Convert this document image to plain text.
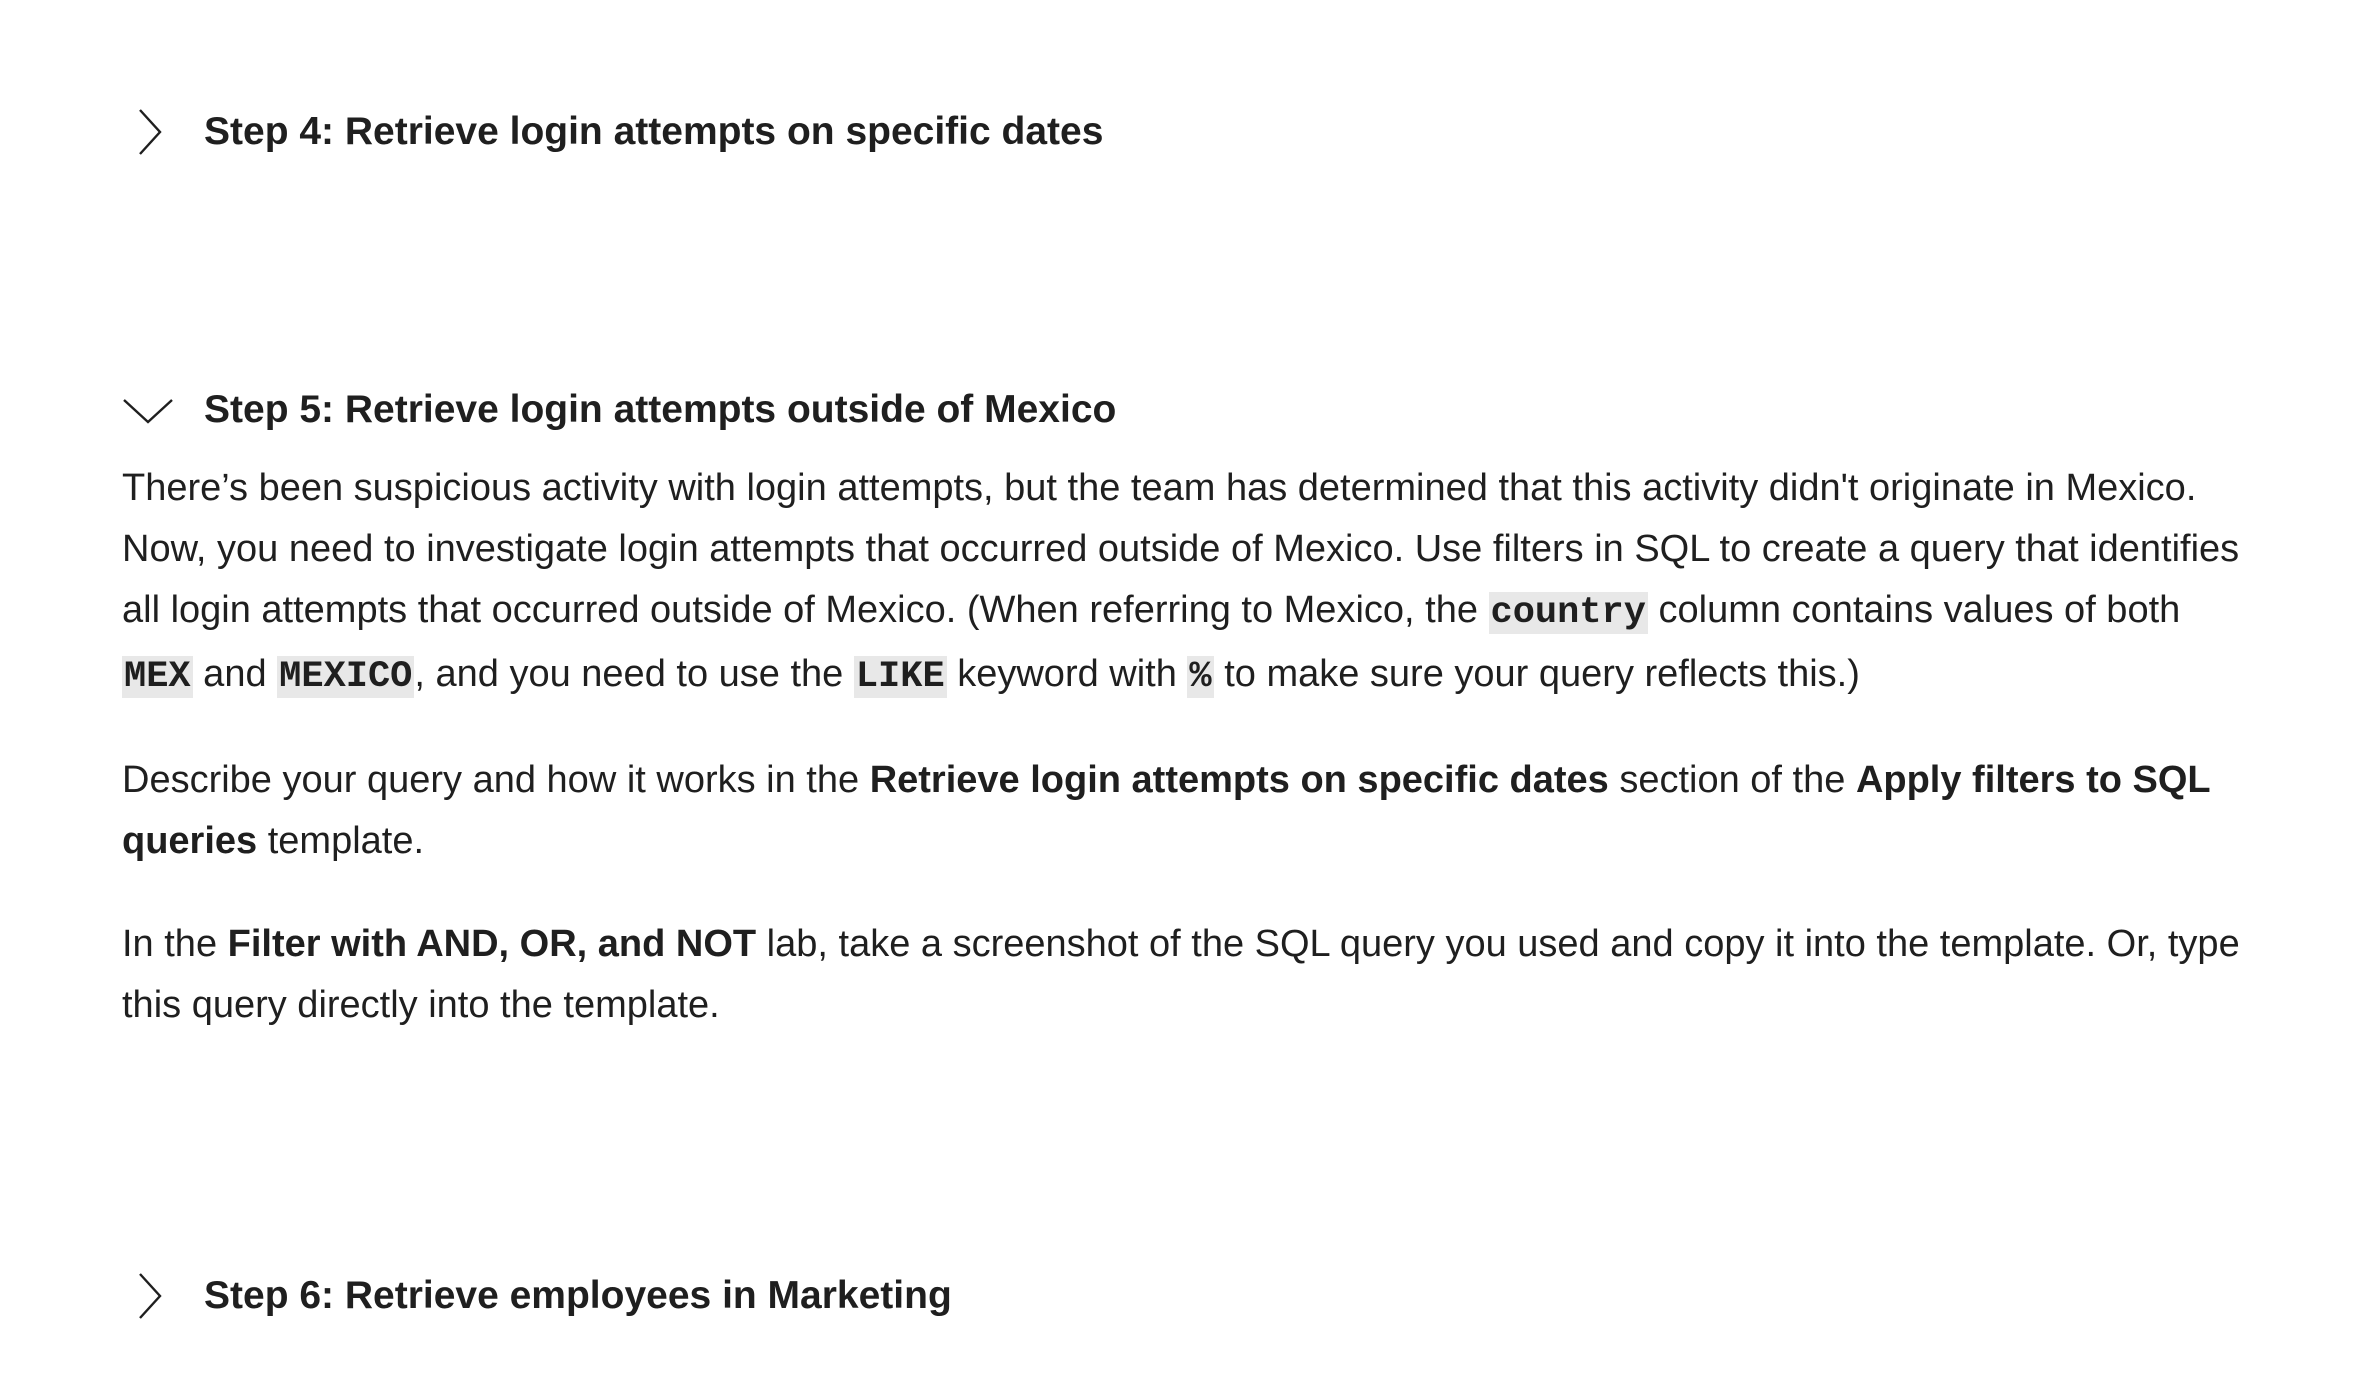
Step 4: Retrieve login attempts on specific dates
Step 5: Retrieve login attempts outside of Mexico

There’s been suspicious activity with login attempts, but the team has determined that this activity didn't originate in Mexico. Now, you need to investigate login attempts that occurred outside of Mexico. Use filters in SQL to create a query that identifies all login attempts that occurred outside of Mexico. (When referring to Mexico, the country column contains values of both MEX and MEXICO, and you need to use the LIKE keyword with % to make sure your query reflects this.)

Describe your query and how it works in the Retrieve login attempts on specific dates section of the Apply filters to SQL queries template.

In the Filter with AND, OR, and NOT lab, take a screenshot of the SQL query you used and copy it into the template. Or, type this query directly into the template.

Step 6: Retrieve employees in Marketing
